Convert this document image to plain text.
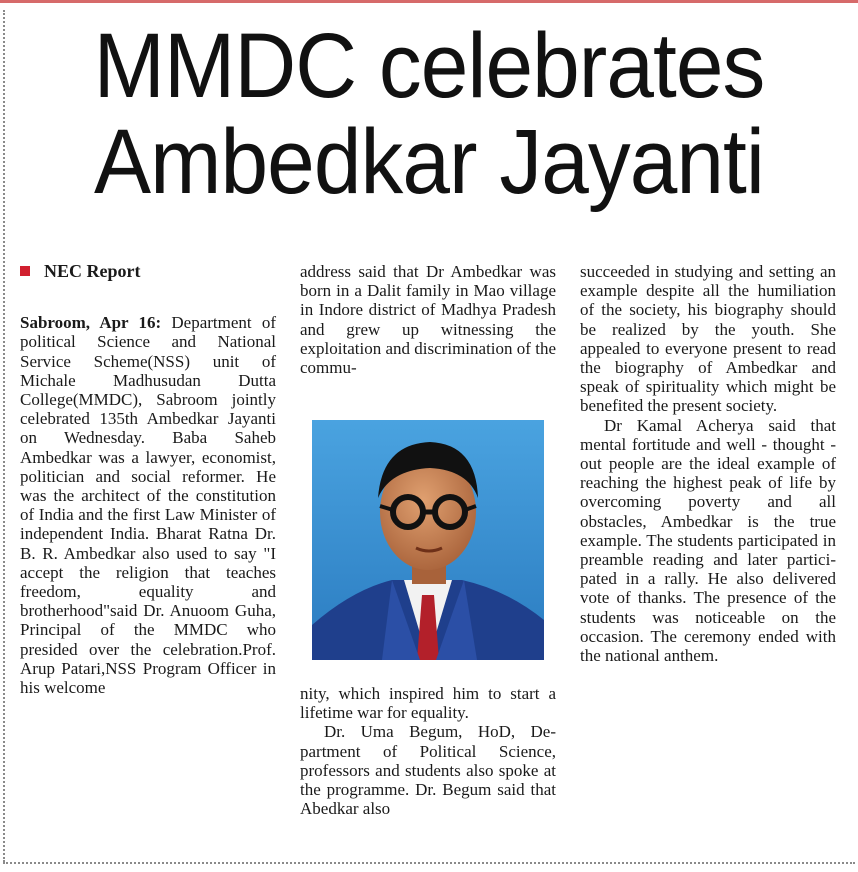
MMDC celebrates
Ambedkar Jayanti
NEC Report

Sabroom, Apr 16: Department of political Science and National Service Scheme(NSS) unit of Michale Madhusudan Dutta College(MMDC), Sabroom jointly celebrated 135th Ambedkar Jayanti on Wednesday. Baba Saheb Ambedkar was a lawyer, economist, politician and social reformer. He was the architect of the constitution of India and the first Law Minister of independent India. Bharat Ratna Dr. B. R. Ambedkar also used to say "I accept the religion that teaches freedom, equality and brotherhood"said Dr. Anuoom Guha, Principal of the MMDC who presided over the celebration.Prof. Arup Patari,NSS Program Officer in his welcome

address said that Dr Ambedkar was born in a Dalit family in Mao village in Indore district of Madhya Pradesh and grew up witnessing the exploitation and discrimination of the commu-

nity, which inspired him to start a lifetime war for equality.

Dr. Uma Begum, HoD, Department of Political Science, professors and students also spoke at the programme. Dr. Begum said that Abedkar also

succeeded in studying and setting an example despite all the humiliation of the society, his biography should be realized by the youth. She appealed to everyone present to read the biography of Ambedkar and speak of spirituality which might be benefited the present society.

Dr Kamal Acherya said that mental fortitude and well - thought -out people are the ideal example of reaching the highest peak of life by overcoming poverty and all obstacles, Ambedkar is the true example. The students participated in preamble reading and later participated in a rally. He also delivered vote of thanks. The presence of the students was noticeable on the occasion. The ceremony ended with the national anthem.
